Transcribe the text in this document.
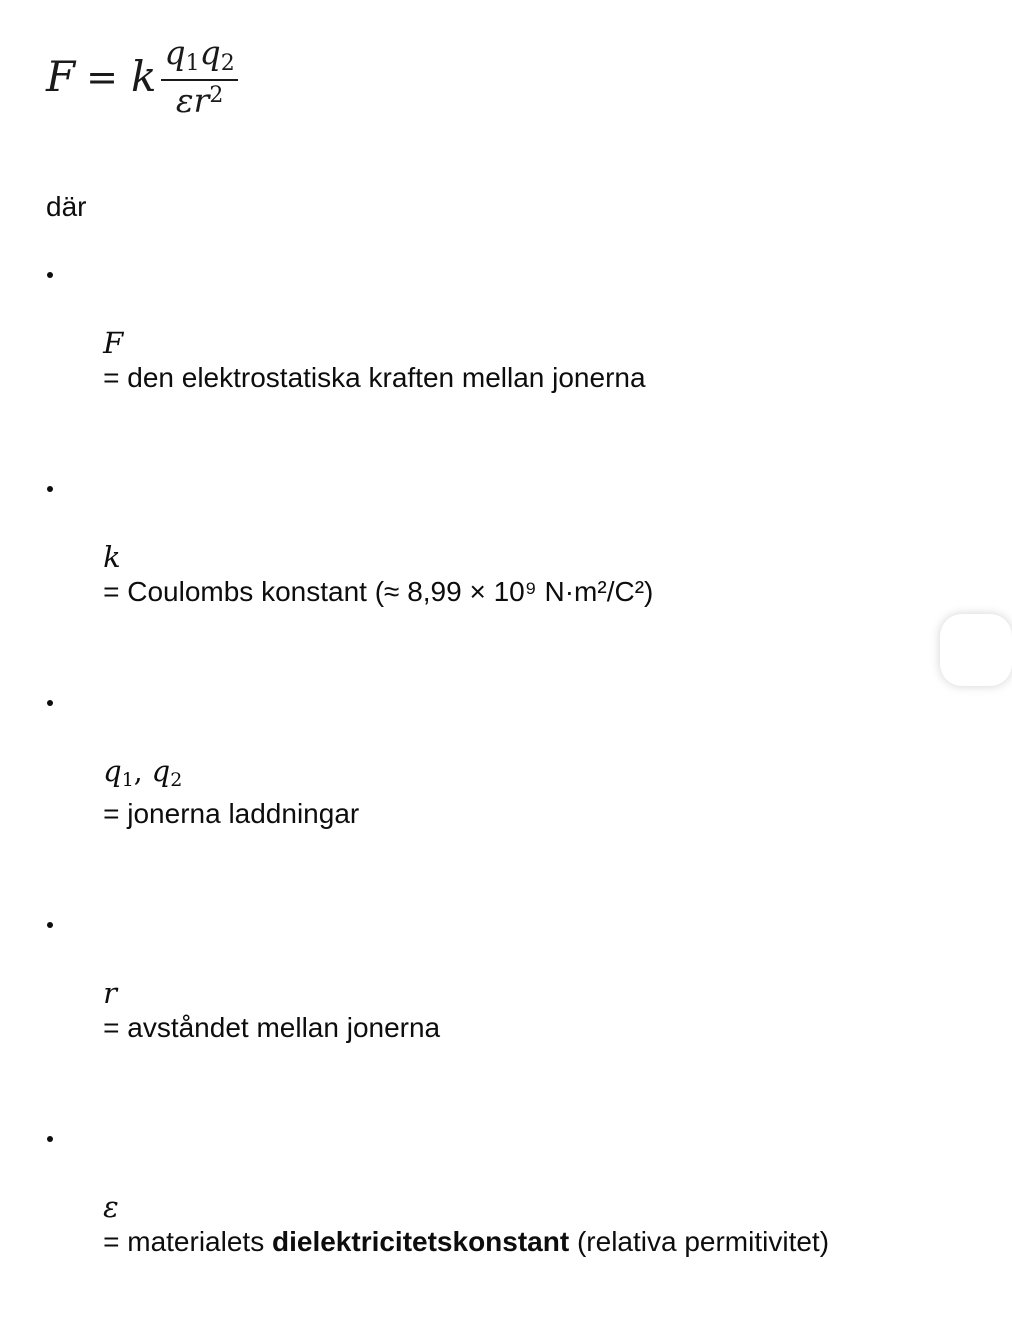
F = k $\frac{q1q2}{\varepsilon r^2}$

där

F
= den elektrostatiska kraften mellan jonerna

k
= Coulombs konstant (≈ 8,99 × 10⁹ N·m²/C²)

q1, q2
= jonerna laddningar

r
= avståndet mellan jonerna

ε
= materialets dielektricitetskonstant (relativa permitivitet)
